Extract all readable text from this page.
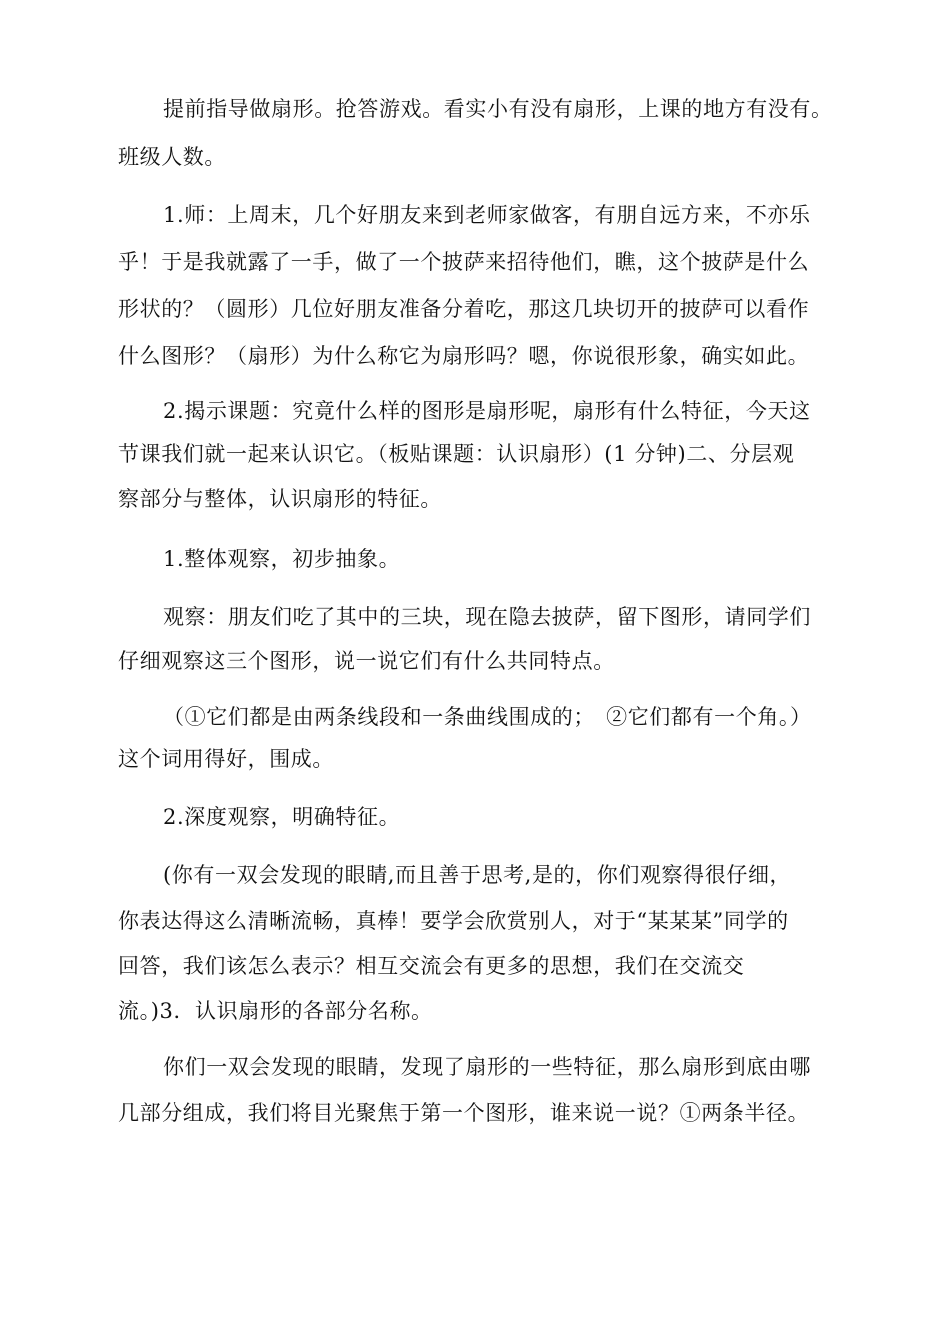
提前指导做扇形。抢答游戏。看实小有没有扇形，上课的地方有没有。
班级人数。
1.师：上周末，几个好朋友来到老师家做客，有朋自远方来，不亦乐
乎！于是我就露了一手，做了一个披萨来招待他们，瞧，这个披萨是什么
形状的？（圆形）几位好朋友准备分着吃，那这几块切开的披萨可以看作
什么图形？（扇形）为什么称它为扇形吗？嗯，你说很形象，确实如此。
2.揭示课题：究竟什么样的图形是扇形呢，扇形有什么特征，今天这
节课我们就一起来认识它。（板贴课题：认识扇形）(1 分钟)二、分层观
察部分与整体，认识扇形的特征。
1.整体观察，初步抽象。
观察：朋友们吃了其中的三块，现在隐去披萨，留下图形，请同学们
仔细观察这三个图形，说一说它们有什么共同特点。
（①它们都是由两条线段和一条曲线围成的；　②它们都有一个角。）
这个词用得好，围成。
2.深度观察，明确特征。
(你有一双会发现的眼睛,而且善于思考,是的，你们观察得很仔细，
你表达得这么清晰流畅，真棒！要学会欣赏别人，对于“某某某”同学的
回答，我们该怎么表示？相互交流会有更多的思想，我们在交流交
流。)3．认识扇形的各部分名称。
你们一双会发现的眼睛，发现了扇形的一些特征，那么扇形到底由哪
几部分组成，我们将目光聚焦于第一个图形，谁来说一说？①两条半径。
